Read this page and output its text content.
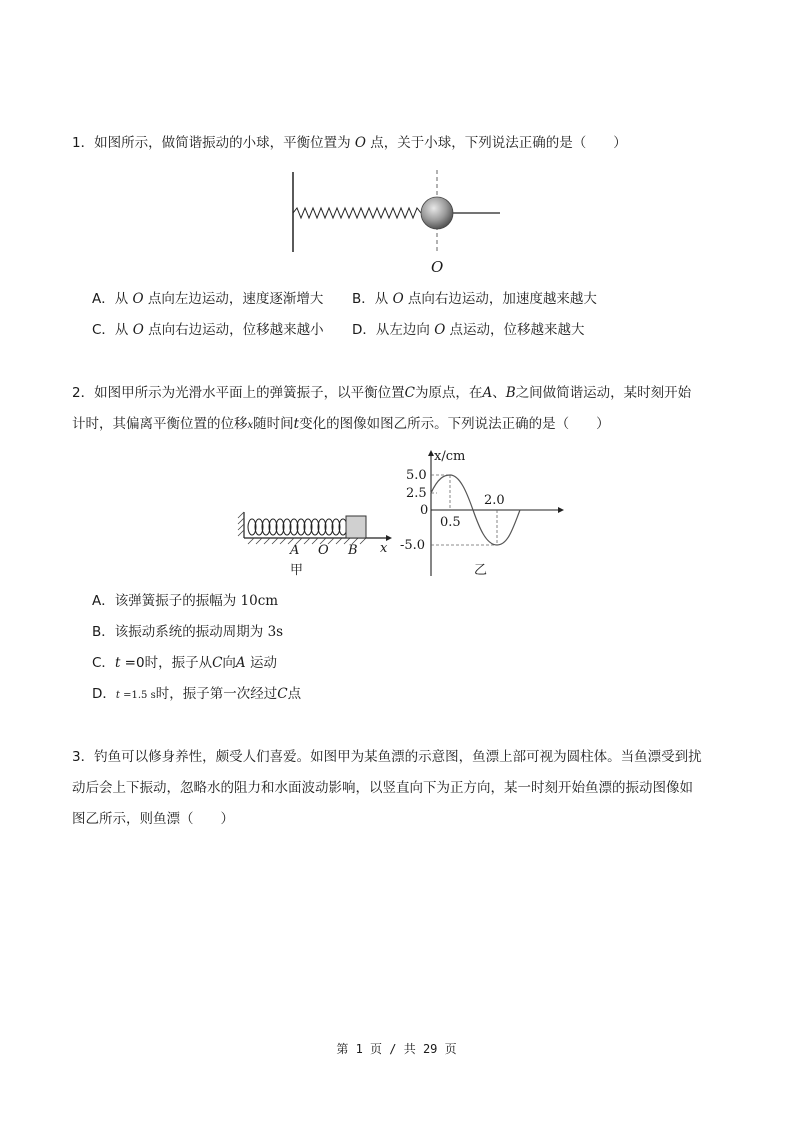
1．如图所示，做简谐振动的小球，平衡位置为 O 点，关于小球，下列说法正确的是（　　）
O
A．从 O 点向左边运动，速度逐渐增大 B．从 O 点向右边运动，加速度越来越大
C．从 O 点向右边运动，位移越来越小 D．从左边向 O 点运动，位移越来越大
2．如图甲所示为光滑水平面上的弹簧振子，以平衡位置C为原点，在A、B之间做简谐运动，某时刻开始
计时，其偏离平衡位置的位移x随时间t变化的图像如图乙所示。下列说法正确的是（　　）
A O B x
甲
x/cm
5.0
2.5
0
0.5
2.0
-5.0
乙
A．该弹簧振子的振幅为 10cm
B．该振动系统的振动周期为 3s
C．t =0时，振子从C向A 运动
D．t =1.5 s时，振子第一次经过C点
3．钓鱼可以修身养性，颇受人们喜爱。如图甲为某鱼漂的示意图，鱼漂上部可视为圆柱体。当鱼漂受到扰
动后会上下振动，忽略水的阻力和水面波动影响，以竖直向下为正方向，某一时刻开始鱼漂的振动图像如
图乙所示，则鱼漂（　　）
第 1 页 / 共 29 页
